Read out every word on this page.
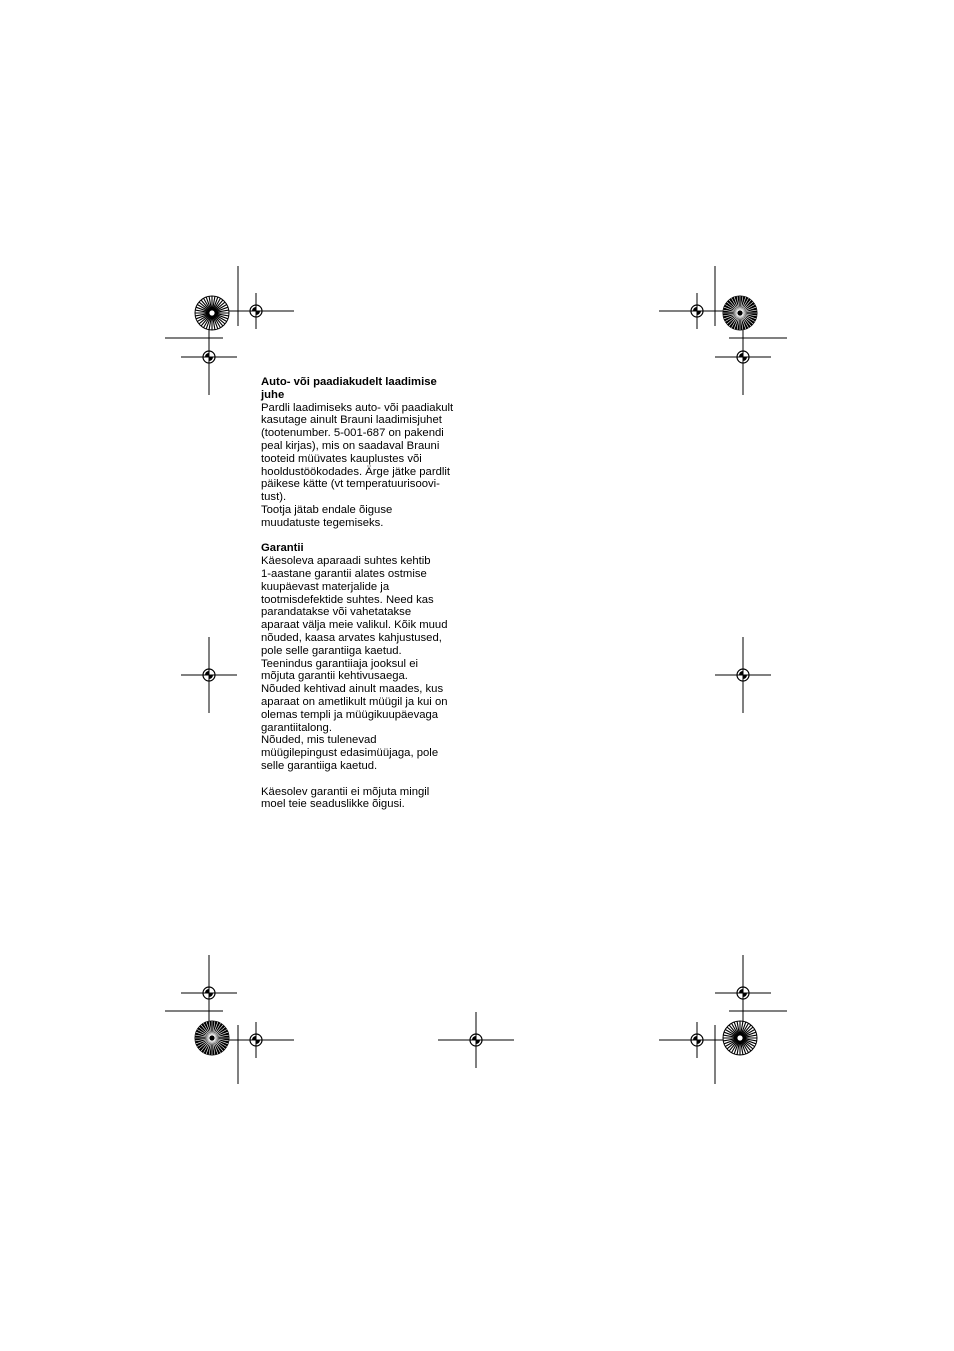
Auto- või paadiakudelt laadimise

juhe

Pardli laadimiseks auto- või paadiakult

kasutage ainult Brauni laadimisjuhet

(tootenumber. 5-001-687 on pakendi

peal kirjas), mis on saadaval Brauni

tooteid müüvates kauplustes või

hooldustöökodades. Ärge jätke pardlit

päikese kätte (vt temperatuurisoovi-

tust).

Tootja jätab endale õiguse

muudatuste tegemiseks.

Garantii

Käesoleva aparaadi suhtes kehtib

1-aastane garantii alates ostmise

kuupäevast materjalide ja

tootmisdefektide suhtes. Need kas

parandatakse või vahetatakse

aparaat välja meie valikul. Kõik muud

nõuded, kaasa arvates kahjustused,

pole selle garantiiga kaetud.

Teenindus garantiiaja jooksul ei

mõjuta garantii kehtivusaega.

Nõuded kehtivad ainult maades, kus

aparaat on ametlikult müügil ja kui on

olemas templi ja müügikuupäevaga

garantiitalong.

Nõuded, mis tulenevad

müügilepingust edasimüüjaga, pole

selle garantiiga kaetud.

Käesolev garantii ei mõjuta mingil

moel teie seaduslikke õigusi.
